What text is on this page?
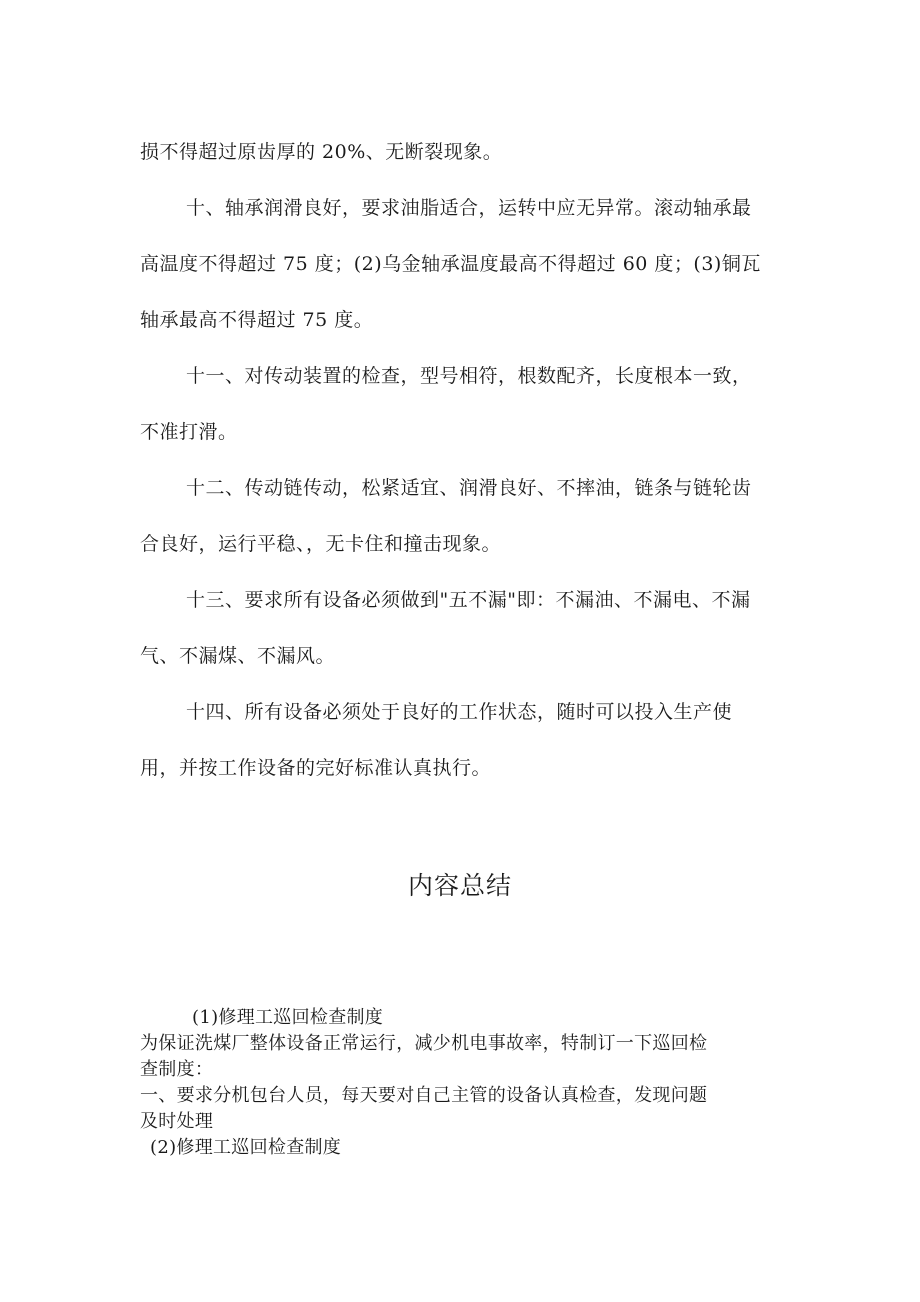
损不得超过原齿厚的 20%、无断裂现象。
十、轴承润滑良好，要求油脂适合，运转中应无异常。滚动轴承最
高温度不得超过 75 度；(2)乌金轴承温度最高不得超过 60 度；(3)铜瓦
轴承最高不得超过 75 度。
十一、对传动装置的检查，型号相符，根数配齐，长度根本一致，
不准打滑。
十二、传动链传动，松紧适宜、润滑良好、不摔油，链条与链轮齿
合良好，运行平稳、，无卡住和撞击现象。
十三、要求所有设备必须做到"五不漏"即：不漏油、不漏电、不漏
气、不漏煤、不漏风。
十四、所有设备必须处于良好的工作状态，随时可以投入生产使
用，并按工作设备的完好标准认真执行。
内容总结
(1)修理工巡回检查制度
为保证洗煤厂整体设备正常运行，减少机电事故率，特制订一下巡回检
查制度：
一、要求分机包台人员，每天要对自己主管的设备认真检查，发现问题
及时处理
(2)修理工巡回检查制度
